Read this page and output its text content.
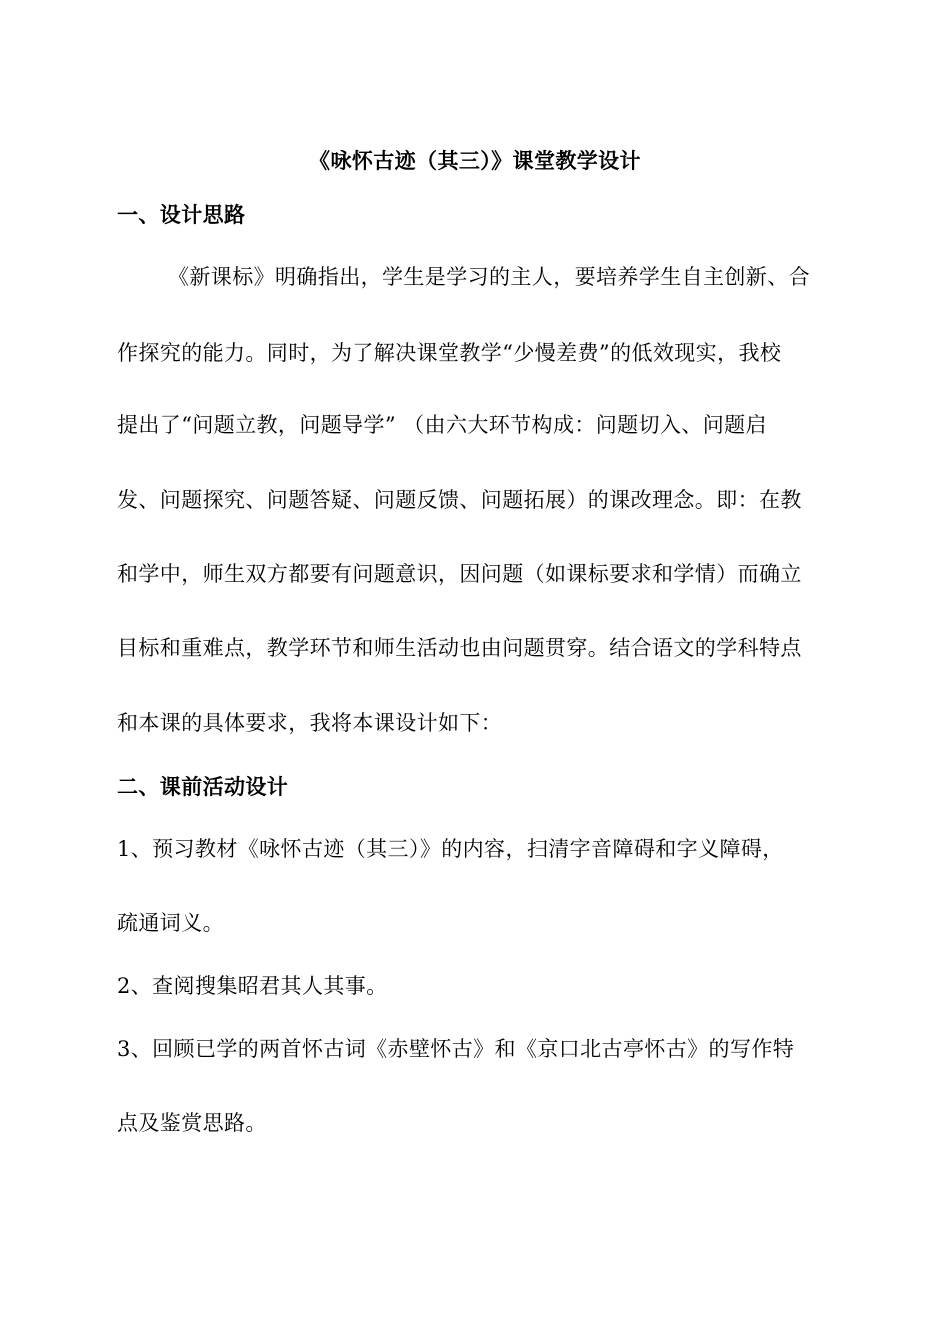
《咏怀古迹（其三）》课堂教学设计
一、设计思路
《新课标》明确指出，学生是学习的主人，要培养学生自主创新、合
作探究的能力。同时，为了解决课堂教学“少慢差费”的低效现实，我校
提出了“问题立教，问题导学” （由六大环节构成：问题切入、问题启
发、问题探究、问题答疑、问题反馈、问题拓展）的课改理念。即：在教
和学中，师生双方都要有问题意识，因问题（如课标要求和学情）而确立
目标和重难点，教学环节和师生活动也由问题贯穿。结合语文的学科特点
和本课的具体要求，我将本课设计如下：
二、课前活动设计
1、预习教材《咏怀古迹（其三）》的内容，扫清字音障碍和字义障碍，
疏通词义。
2、查阅搜集昭君其人其事。
3、回顾已学的两首怀古词《赤壁怀古》和《京口北古亭怀古》的写作特
点及鉴赏思路。
